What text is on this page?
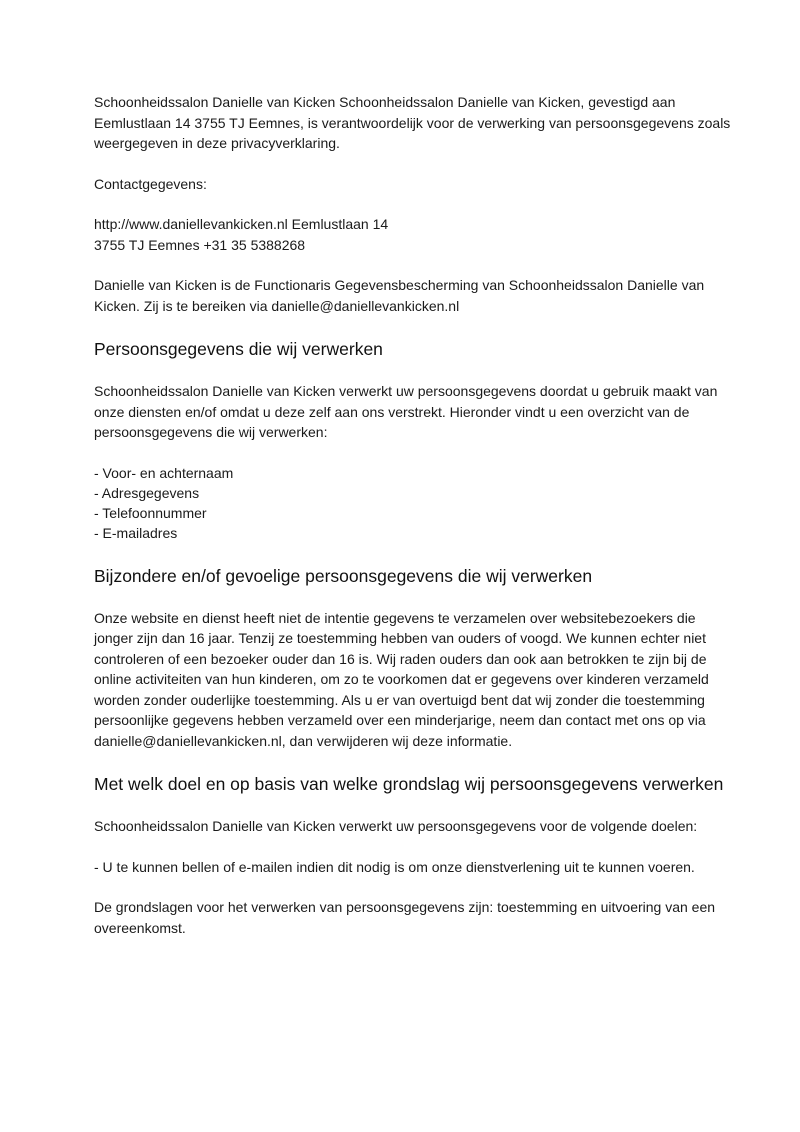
Schoonheidssalon Danielle van Kicken Schoonheidssalon Danielle van Kicken, gevestigd aan Eemlustlaan 14 3755 TJ Eemnes, is verantwoordelijk voor de verwerking van persoonsgegevens zoals weergegeven in deze privacyverklaring.

Contactgegevens:

http://www.daniellevankicken.nl Eemlustlaan 14

3755 TJ Eemnes +31 35 5388268

Danielle van Kicken is de Functionaris Gegevensbescherming van Schoonheidssalon Danielle van Kicken. Zij is te bereiken via danielle@daniellevankicken.nl

Persoonsgegevens die wij verwerken

Schoonheidssalon Danielle van Kicken verwerkt uw persoonsgegevens doordat u gebruik maakt van onze diensten en/of omdat u deze zelf aan ons verstrekt. Hieronder vindt u een overzicht van de persoonsgegevens die wij verwerken:

- Voor- en achternaam
- Adresgegevens
- Telefoonnummer
- E-mailadres
Bijzondere en/of gevoelige persoonsgegevens die wij verwerken

Onze website en dienst heeft niet de intentie gegevens te verzamelen over websitebezoekers die jonger zijn dan 16 jaar. Tenzij ze toestemming hebben van ouders of voogd. We kunnen echter niet controleren of een bezoeker ouder dan 16 is. Wij raden ouders dan ook aan betrokken te zijn bij de online activiteiten van hun kinderen, om zo te voorkomen dat er gegevens over kinderen verzameld worden zonder ouderlijke toestemming. Als u er van overtuigd bent dat wij zonder die toestemming persoonlijke gegevens hebben verzameld over een minderjarige, neem dan contact met ons op via danielle@daniellevankicken.nl, dan verwijderen wij deze informatie.

Met welk doel en op basis van welke grondslag wij persoonsgegevens verwerken

Schoonheidssalon Danielle van Kicken verwerkt uw persoonsgegevens voor de volgende doelen:

- U te kunnen bellen of e-mailen indien dit nodig is om onze dienstverlening uit te kunnen voeren.

De grondslagen voor het verwerken van persoonsgegevens zijn: toestemming en uitvoering van een overeenkomst.
